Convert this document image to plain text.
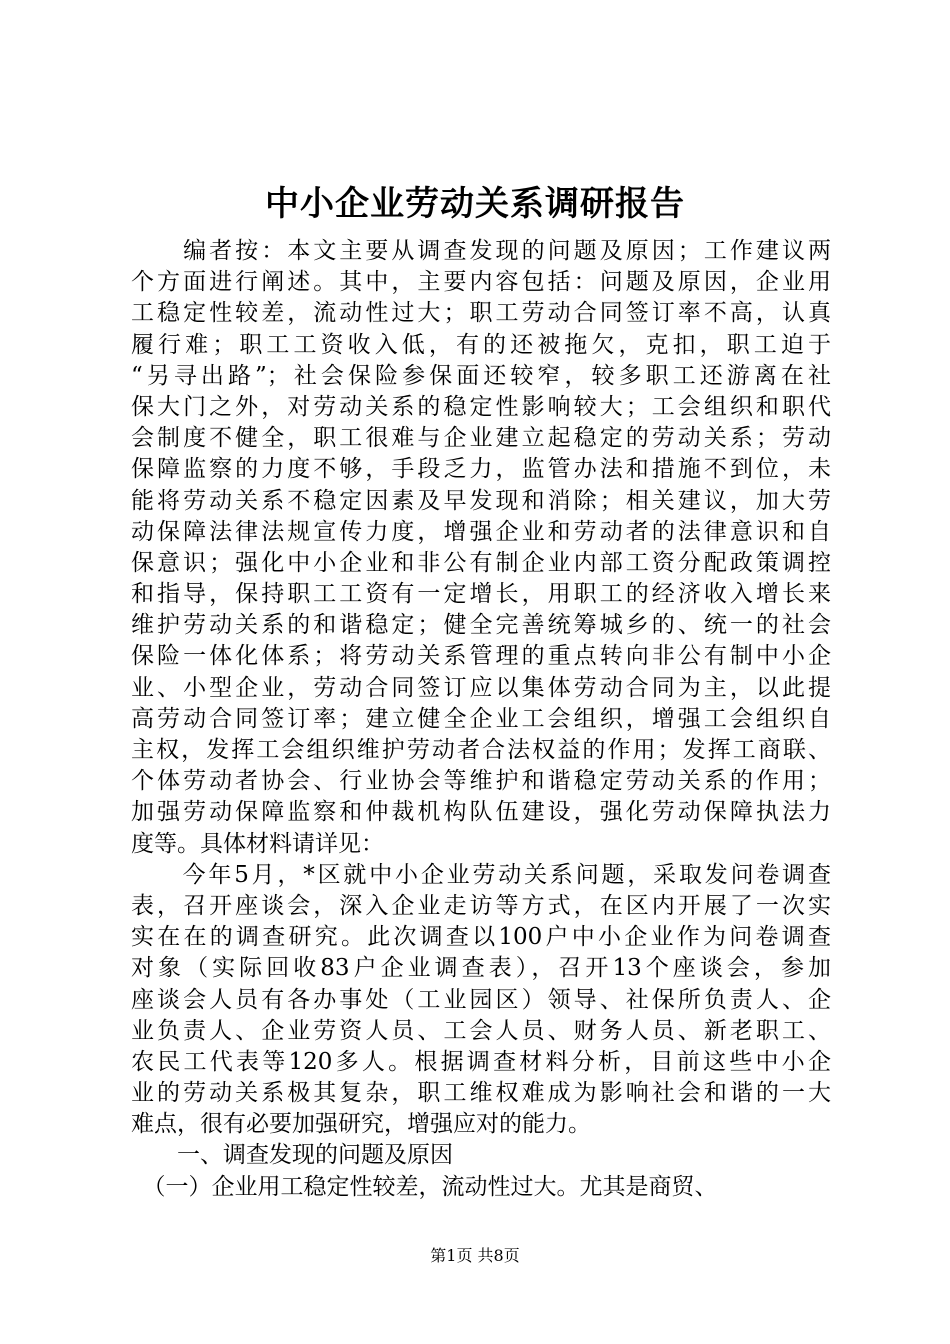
中小企业劳动关系调研报告
　　编者按：本文主要从调查发现的问题及原因；工作建议两
个方面进行阐述。其中，主要内容包括：问题及原因，企业用
工稳定性较差，流动性过大；职工劳动合同签订率不高，认真
履行难；职工工资收入低，有的还被拖欠，克扣，职工迫于
“另寻出路”；社会保险参保面还较窄，较多职工还游离在社
保大门之外，对劳动关系的稳定性影响较大；工会组织和职代
会制度不健全，职工很难与企业建立起稳定的劳动关系；劳动
保障监察的力度不够，手段乏力，监管办法和措施不到位，未
能将劳动关系不稳定因素及早发现和消除；相关建议，加大劳
动保障法律法规宣传力度，增强企业和劳动者的法律意识和自
保意识；强化中小企业和非公有制企业内部工资分配政策调控
和指导，保持职工工资有一定增长，用职工的经济收入增长来
维护劳动关系的和谐稳定；健全完善统筹城乡的、统一的社会
保险一体化体系；将劳动关系管理的重点转向非公有制中小企
业、小型企业，劳动合同签订应以集体劳动合同为主，以此提
高劳动合同签订率；建立健全企业工会组织，增强工会组织自
主权，发挥工会组织维护劳动者合法权益的作用；发挥工商联、
个体劳动者协会、行业协会等维护和谐稳定劳动关系的作用；
加强劳动保障监察和仲裁机构队伍建设，强化劳动保障执法力
度等。具体材料请详见：
　　今年5月，*区就中小企业劳动关系问题，采取发问卷调查
表，召开座谈会，深入企业走访等方式，在区内开展了一次实
实在在的调查研究。此次调查以100户中小企业作为问卷调查
对象（实际回收83户企业调查表），召开13个座谈会，参加
座谈会人员有各办事处（工业园区）领导、社保所负责人、企
业负责人、企业劳资人员、工会人员、财务人员、新老职工、
农民工代表等120多人。根据调查材料分析，目前这些中小企
业的劳动关系极其复杂，职工维权难成为影响社会和谐的一大
难点，很有必要加强研究，增强应对的能力。
　　一、调查发现的问题及原因
　（一）企业用工稳定性较差，流动性过大。尤其是商贸、
第1页 共8页
